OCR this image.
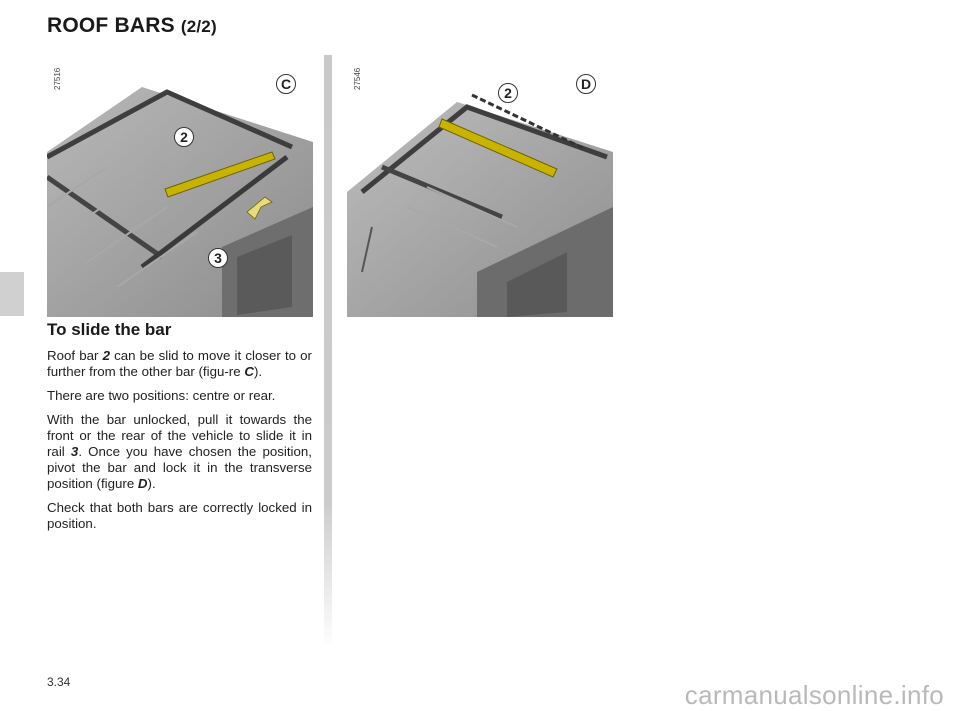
ROOF BARS (2/2)
27516	C
2
3
27546	D
2
To slide the bar

Roof bar 2 can be slid to move it closer to or further from the other bar (figu-re C).

There are two positions: centre or rear.

With the bar unlocked, pull it towards the front or the rear of the vehicle to slide it in rail 3. Once you have chosen the position, pivot the bar and lock it in the transverse position (figure D).

Check that both bars are correctly locked in position.

3.34	carmanualsonline.info
